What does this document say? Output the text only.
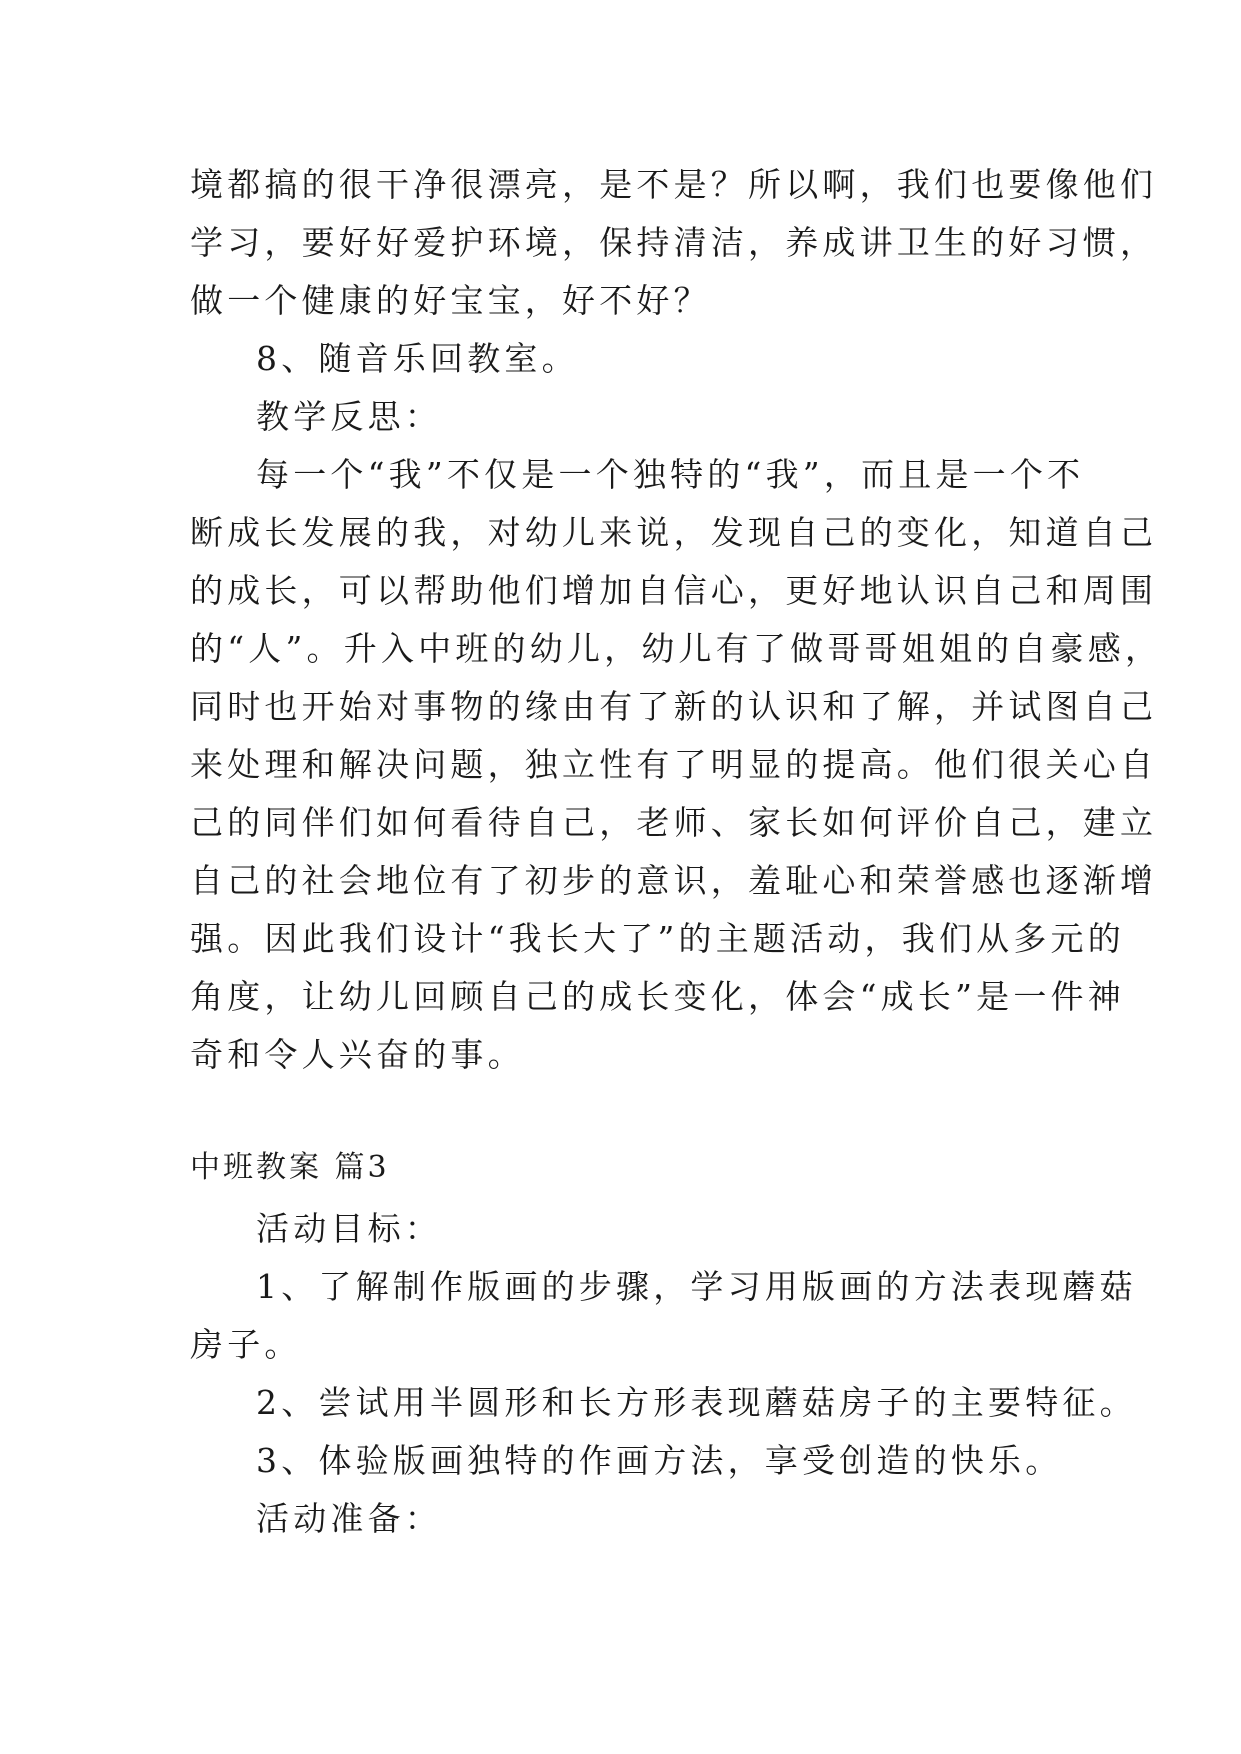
境都搞的很干净很漂亮，是不是？所以啊，我们也要像他们

学习，要好好爱护环境，保持清洁，养成讲卫生的好习惯，

做一个健康的好宝宝，好不好？

8、随音乐回教室。

教学反思：

每一个“我”不仅是一个独特的“我”，而且是一个不

断成长发展的我，对幼儿来说，发现自己的变化，知道自己

的成长，可以帮助他们增加自信心，更好地认识自己和周围

的“人”。升入中班的幼儿，幼儿有了做哥哥姐姐的自豪感，

同时也开始对事物的缘由有了新的认识和了解，并试图自己

来处理和解决问题，独立性有了明显的提高。他们很关心自

己的同伴们如何看待自己，老师、家长如何评价自己，建立

自己的社会地位有了初步的意识，羞耻心和荣誉感也逐渐增

强。因此我们设计“我长大了”的主题活动，我们从多元的

角度，让幼儿回顾自己的成长变化，体会“成长”是一件神

奇和令人兴奋的事。

中班教案 篇3

活动目标：

1、了解制作版画的步骤，学习用版画的方法表现蘑菇

房子。

2、尝试用半圆形和长方形表现蘑菇房子的主要特征。

3、体验版画独特的作画方法，享受创造的快乐。

活动准备：
